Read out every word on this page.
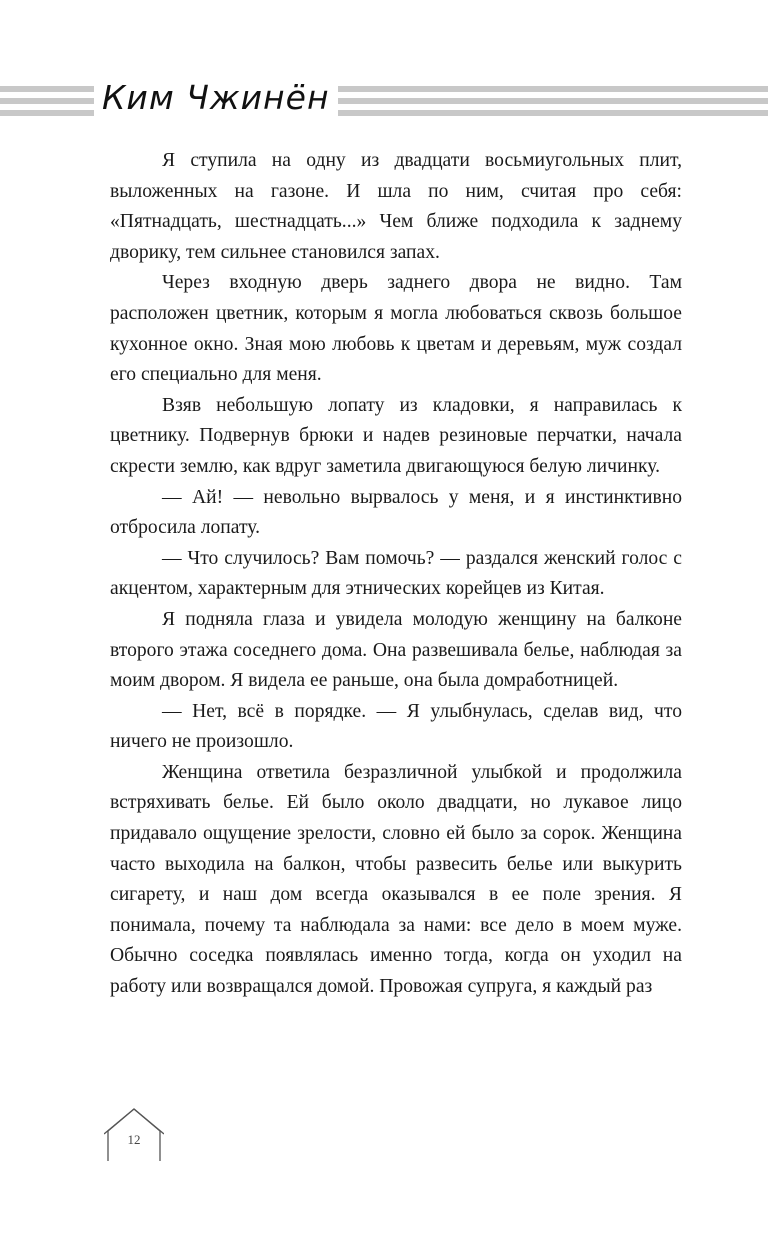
Ким Чжинён

Я ступила на одну из двадцати восьмиугольных плит, выложенных на газоне. И шла по ним, считая про себя: «Пятнадцать, шестнадцать...» Чем ближе подходила к заднему дворику, тем сильнее становился запах.

Через входную дверь заднего двора не видно. Там расположен цветник, которым я могла любоваться сквозь большое кухонное окно. Зная мою любовь к цветам и деревьям, муж создал его специально для меня.

Взяв небольшую лопату из кладовки, я направилась к цветнику. Подвернув брюки и надев резиновые перчатки, начала скрести землю, как вдруг заметила двигающуюся белую личинку.

— Ай! — невольно вырвалось у меня, и я инстинктивно отбросила лопату.

— Что случилось? Вам помочь? — раздался женский голос с акцентом, характерным для этнических корейцев из Китая.

Я подняла глаза и увидела молодую женщину на балконе второго этажа соседнего дома. Она развешивала белье, наблюдая за моим двором. Я видела ее раньше, она была домработницей.

— Нет, всё в порядке. — Я улыбнулась, сделав вид, что ничего не произошло.

Женщина ответила безразличной улыбкой и продолжила встряхивать белье. Ей было около двадцати, но лукавое лицо придавало ощущение зрелости, словно ей было за сорок. Женщина часто выходила на балкон, чтобы развесить белье или выкурить сигарету, и наш дом всегда оказывался в ее поле зрения. Я понимала, почему та наблюдала за нами: все дело в моем муже. Обычно соседка появлялась именно тогда, когда он уходил на работу или возвращался домой. Провожая супруга, я каждый раз

12
